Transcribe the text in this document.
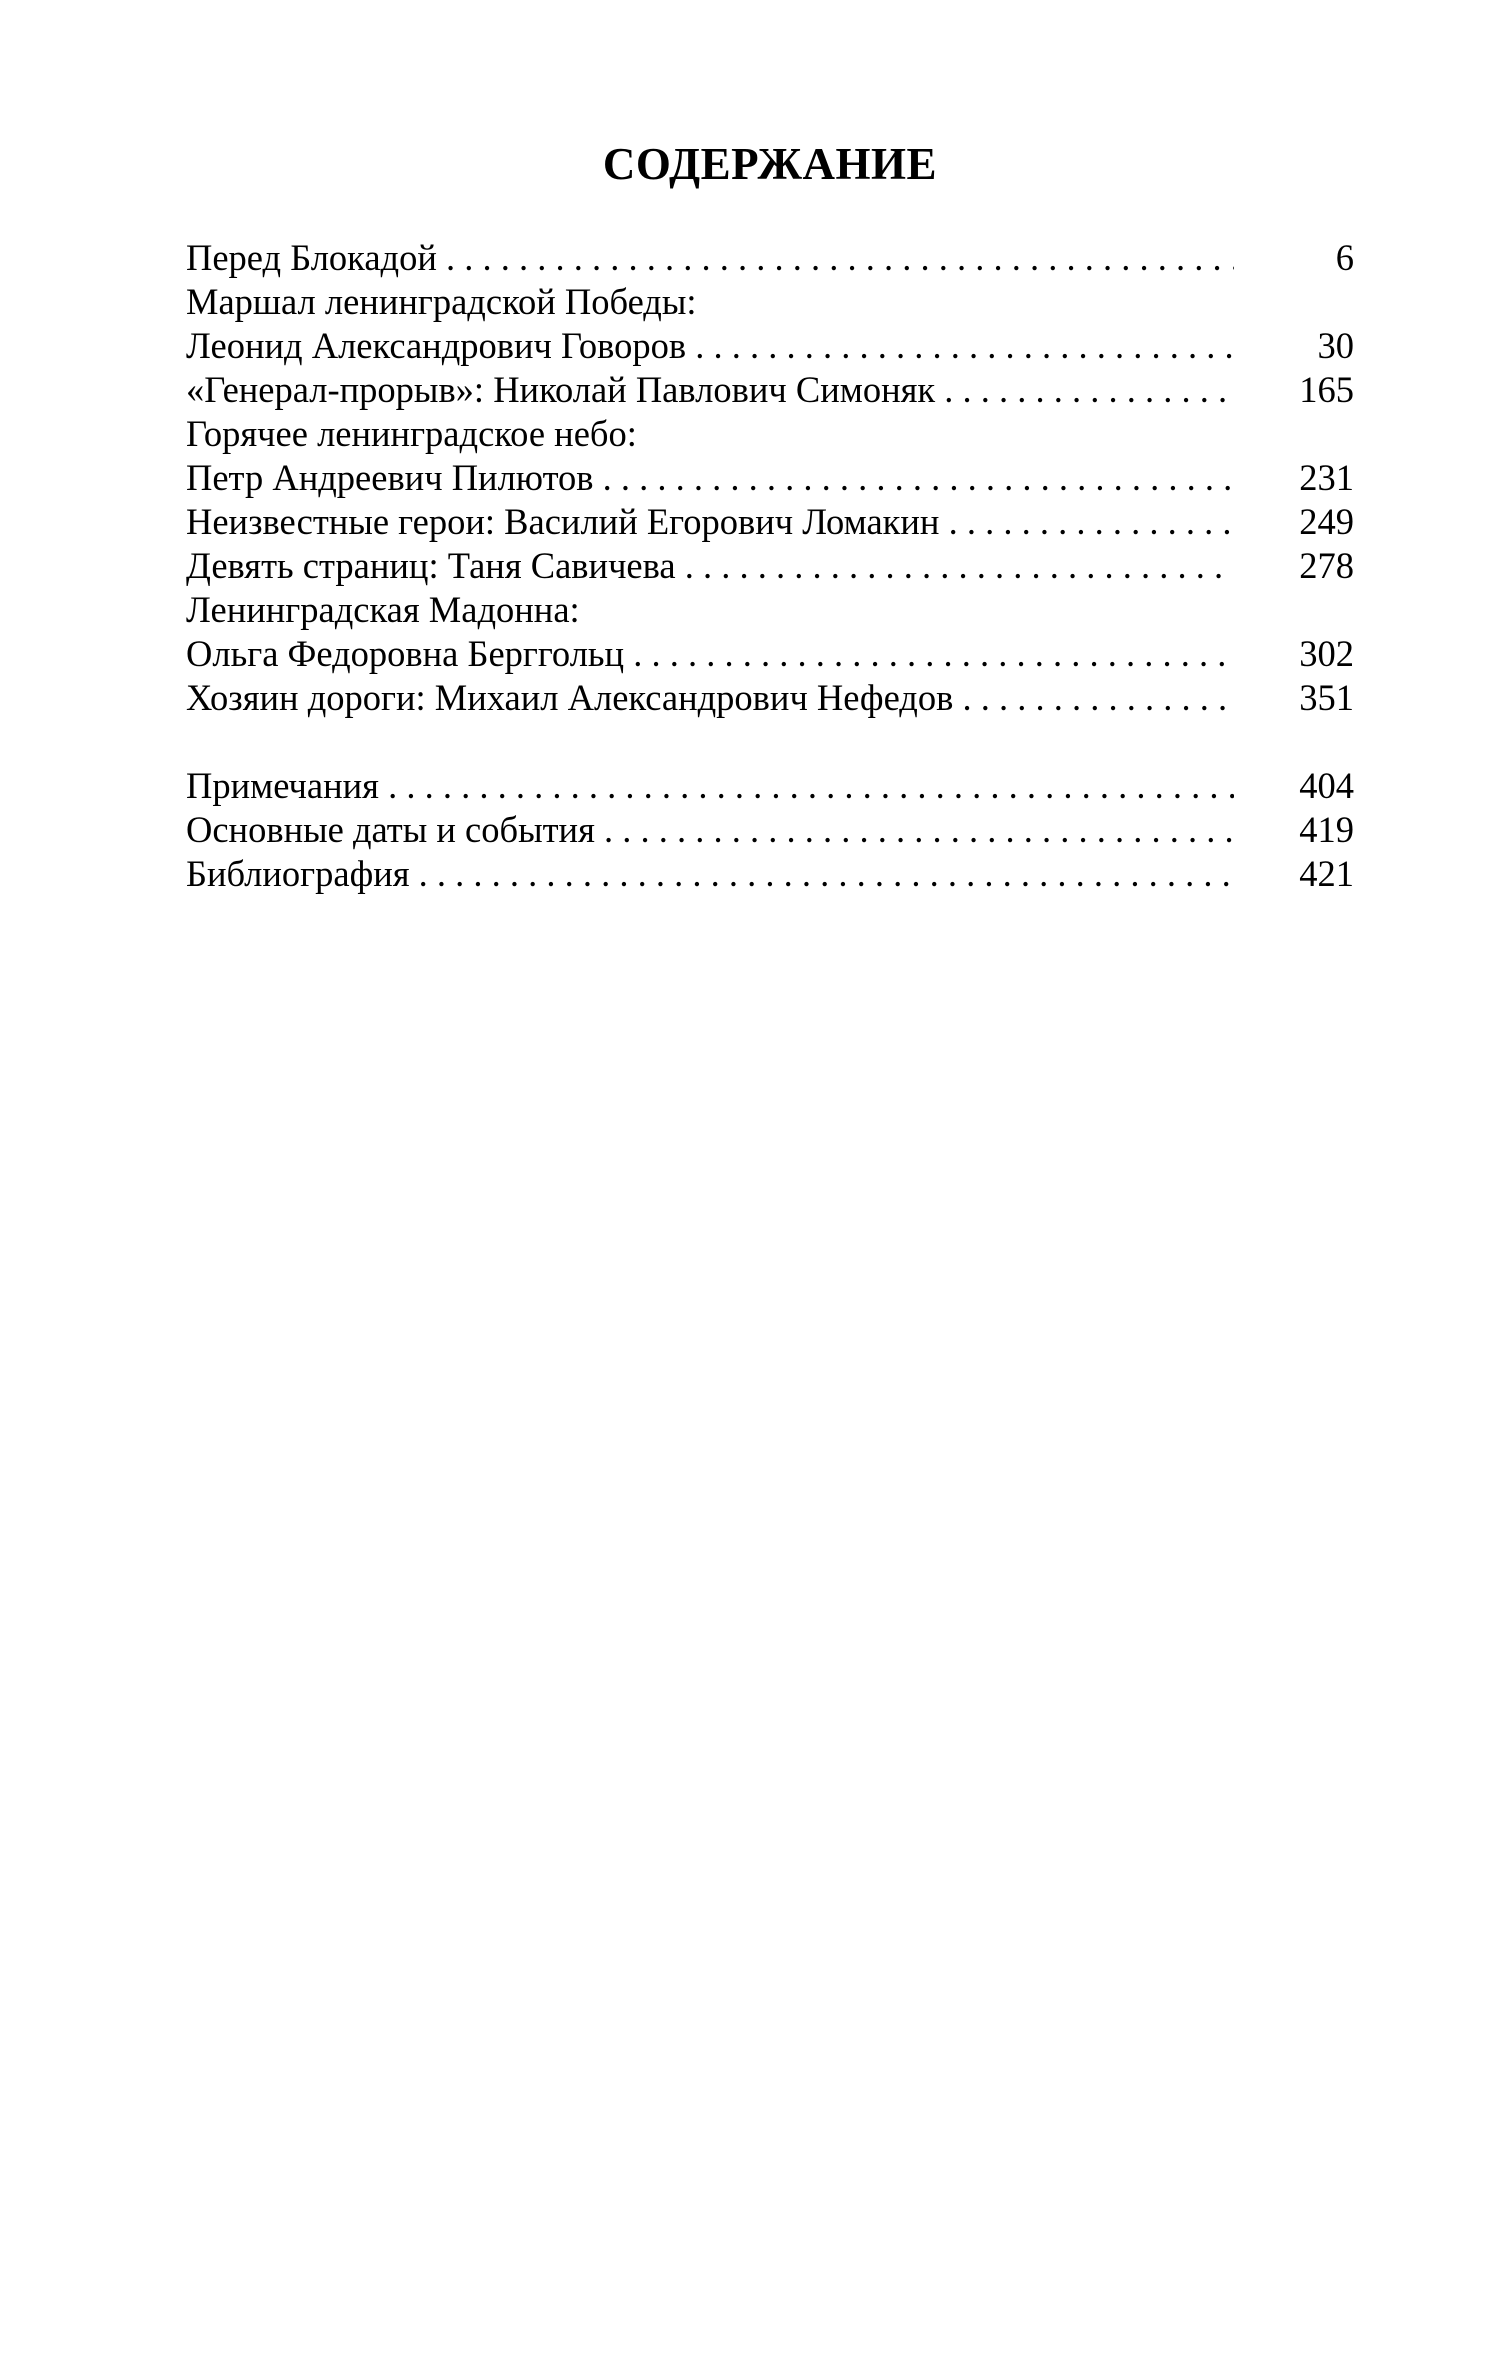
СОДЕРЖАНИЕ
Перед Блокадой . . .	6
Маршал ленинградской Победы:
Леонид Александрович Говоров . . .	30
«Генерал-прорыв»: Николай Павлович Симоняк . . .	165
Горячее ленинградское небо:
Петр Андреевич Пилютов . . .	231
Неизвестные герои: Василий Егорович Ломакин . . .	249
Девять страниц: Таня Савичева . . .	278
Ленинградская Мадонна:
Ольга Федоровна Берггольц . . .	302
Хозяин дороги: Михаил Александрович Нефедов . . .	351
Примечания . . .	404
Основные даты и события . . .	419
Библиография . . .	421
